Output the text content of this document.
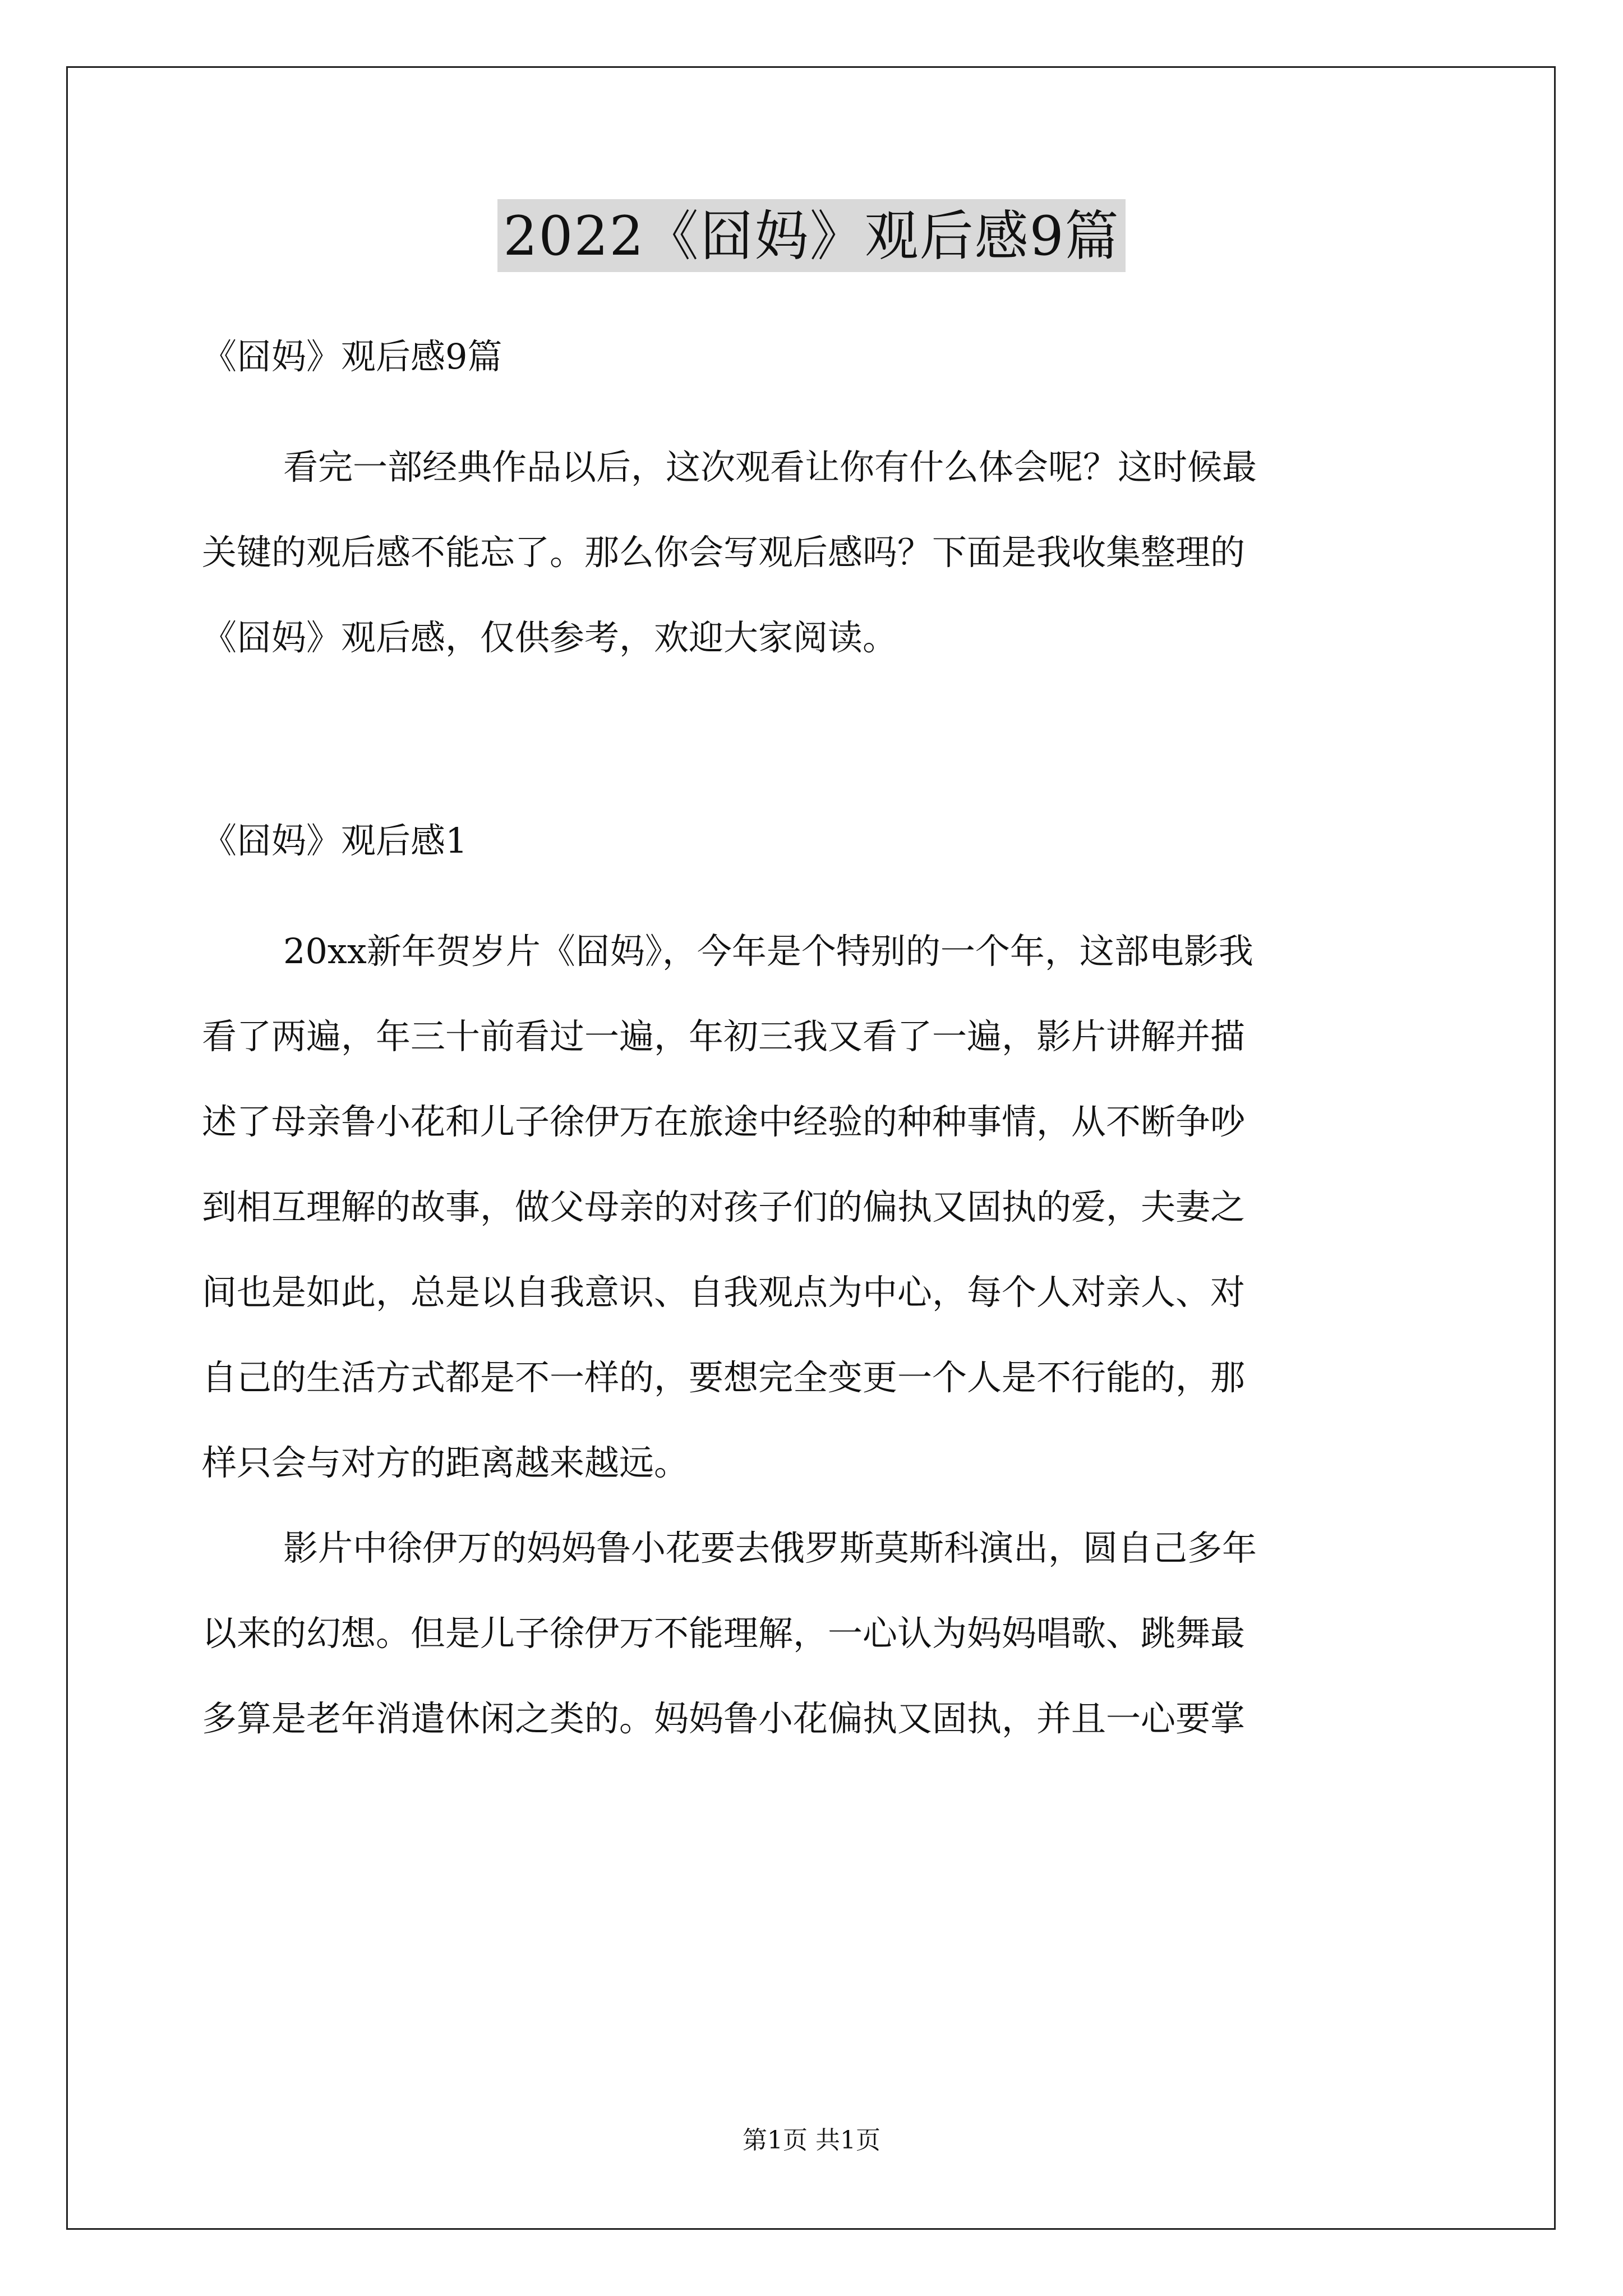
2022《囧妈》观后感9篇
《囧妈》观后感9篇
看完一部经典作品以后，这次观看让你有什么体会呢？这时候最
关键的观后感不能忘了。那么你会写观后感吗？下面是我收集整理的
《囧妈》观后感，仅供参考，欢迎大家阅读。
《囧妈》观后感1
20xx新年贺岁片《囧妈》，今年是个特别的一个年，这部电影我
看了两遍，年三十前看过一遍，年初三我又看了一遍，影片讲解并描
述了母亲鲁小花和儿子徐伊万在旅途中经验的种种事情，从不断争吵
到相互理解的故事，做父母亲的对孩子们的偏执又固执的爱，夫妻之
间也是如此，总是以自我意识、自我观点为中心，每个人对亲人、对
自己的生活方式都是不一样的，要想完全变更一个人是不行能的，那
样只会与对方的距离越来越远。
影片中徐伊万的妈妈鲁小花要去俄罗斯莫斯科演出，圆自己多年
以来的幻想。但是儿子徐伊万不能理解，一心认为妈妈唱歌、跳舞最
多算是老年消遣休闲之类的。妈妈鲁小花偏执又固执，并且一心要掌
第1页 共1页
